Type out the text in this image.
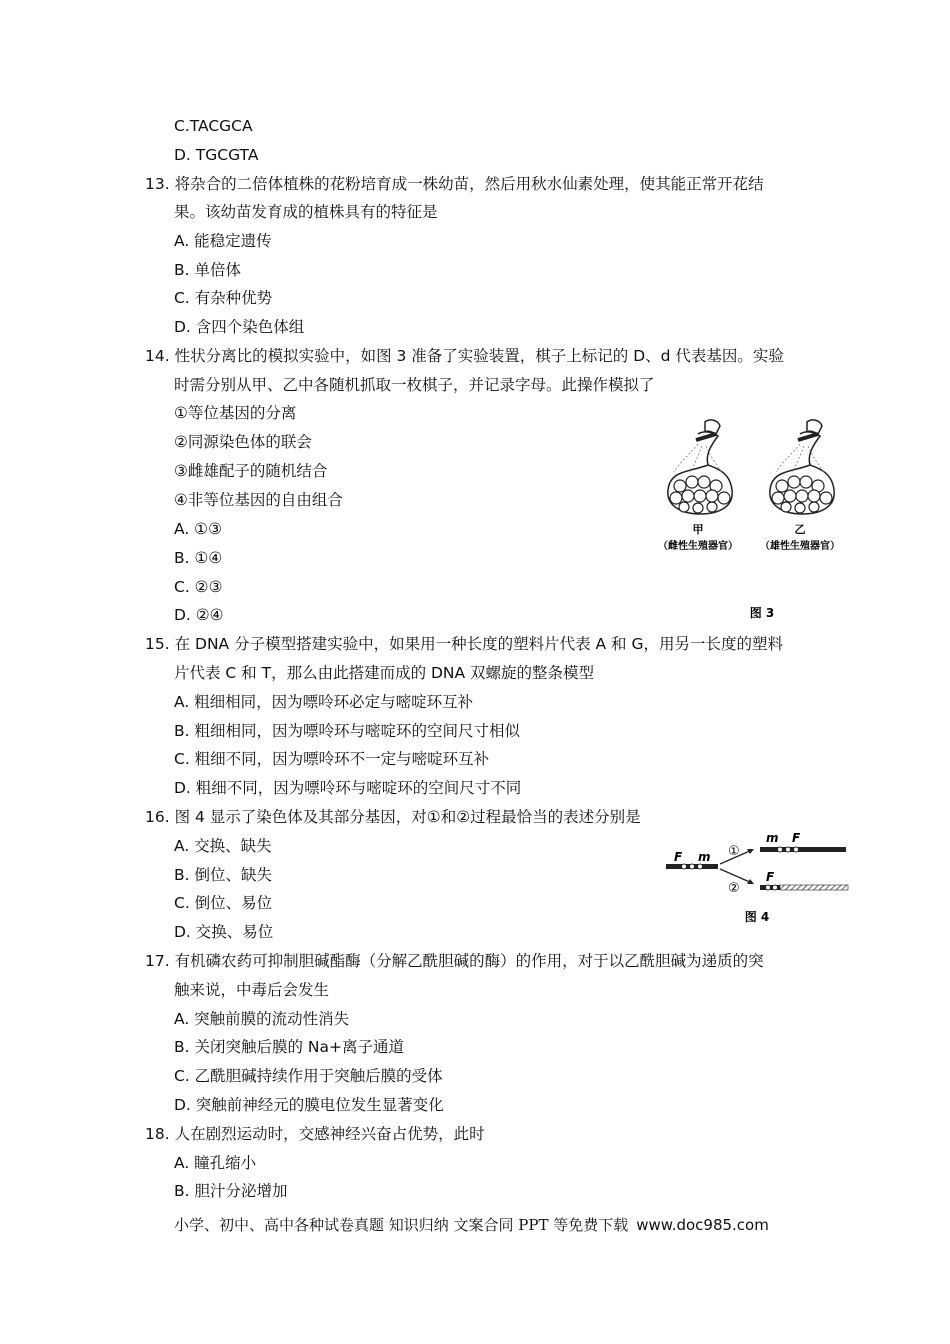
C.TACGCA
D. TGCGTA
13. 将杂合的二倍体植株的花粉培育成一株幼苗，然后用秋水仙素处理，使其能正常开花结
果。该幼苗发育成的植株具有的特征是
A. 能稳定遗传
B. 单倍体
C. 有杂种优势
D. 含四个染色体组
14. 性状分离比的模拟实验中，如图 3 准备了实验装置，棋子上标记的 D、d 代表基因。实验
时需分别从甲、乙中各随机抓取一枚棋子，并记录字母。此操作模拟了
①等位基因的分离
②同源染色体的联会
③雌雄配子的随机结合
④非等位基因的自由组合
A. ①③
B. ①④
C. ②③
D. ②④
甲
（雌性生殖器官）
乙
（雄性生殖器官）
图 3
15. 在 DNA 分子模型搭建实验中，如果用一种长度的塑料片代表 A 和 G，用另一长度的塑料
片代表 C 和 T，那么由此搭建而成的 DNA 双螺旋的整条模型
A. 粗细相同，因为嘌呤环必定与嘧啶环互补
B. 粗细相同，因为嘌呤环与嘧啶环的空间尺寸相似
C. 粗细不同，因为嘌呤环不一定与嘧啶环互补
D. 粗细不同，因为嘌呤环与嘧啶环的空间尺寸不同
16. 图 4 显示了染色体及其部分基因，对①和②过程最恰当的表述分别是
A. 交换、缺失
B. 倒位、缺失
C. 倒位、易位
D. 交换、易位
F m ①
②
m F
F
图 4
17. 有机磷农药可抑制胆碱酯酶（分解乙酰胆碱的酶）的作用，对于以乙酰胆碱为递质的突
触来说，中毒后会发生
A. 突触前膜的流动性消失
B. 关闭突触后膜的 Na+离子通道
C. 乙酰胆碱持续作用于突触后膜的受体
D. 突触前神经元的膜电位发生显著变化
18. 人在剧烈运动时，交感神经兴奋占优势，此时
A. 瞳孔缩小
B. 胆汁分泌增加
小学、初中、高中各种试卷真题 知识归纳 文案合同 PPT 等免费下载 www.doc985.com
